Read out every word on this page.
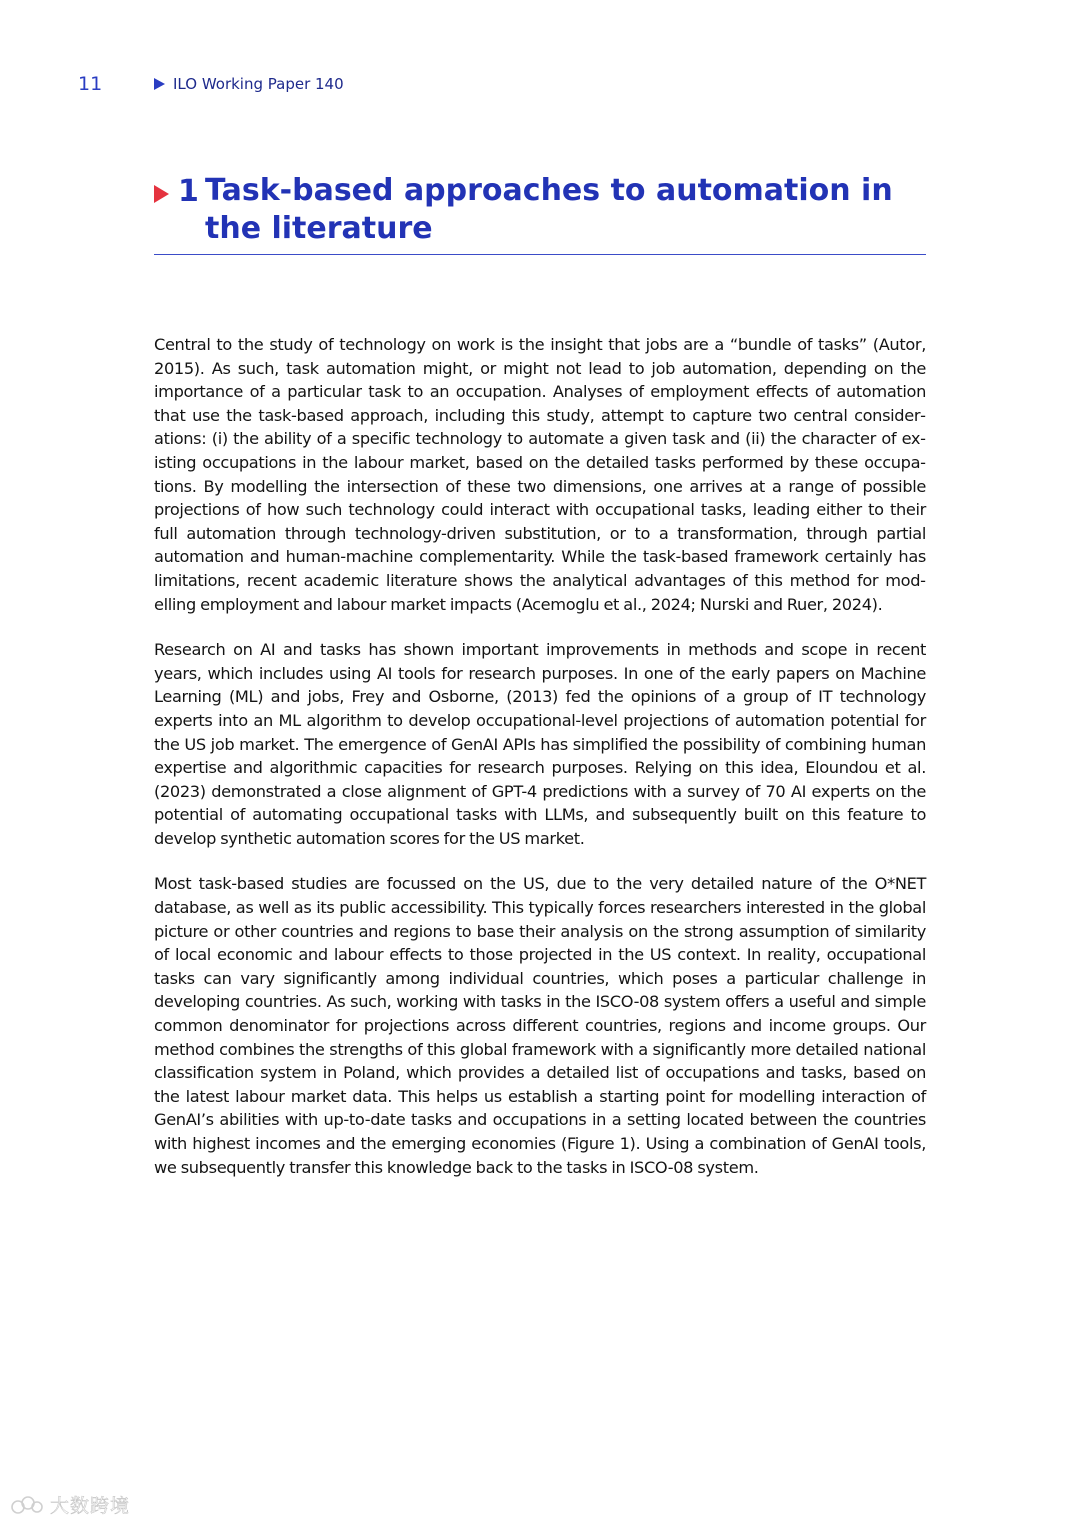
11	ILO Working Paper 140
1 Task-based approaches to automation in the literature

Central to the study of technology on work is the insight that jobs are a “bundle of tasks” (Autor, 2015). As such, task automation might, or might not lead to job automation, depending on the importance of a particular task to an occupation. Analyses of employment effects of automation that use the task-based approach, including this study, attempt to capture two central considerations: (i) the ability of a specific technology to automate a given task and (ii) the character of existing occupations in the labour market, based on the detailed tasks performed by these occupations. By modelling the intersection of these two dimensions, one arrives at a range of possible projections of how such technology could interact with occupational tasks, leading either to their full automation through technology-driven substitution, or to a transformation, through partial automation and human-machine complementarity. While the task-based framework certainly has limitations, recent academic literature shows the analytical advantages of this method for modelling employment and labour market impacts (Acemoglu et al., 2024; Nurski and Ruer, 2024).

Research on AI and tasks has shown important improvements in methods and scope in recent years, which includes using AI tools for research purposes. In one of the early papers on Machine Learning (ML) and jobs, Frey and Osborne, (2013) fed the opinions of a group of IT technology experts into an ML algorithm to develop occupational-level projections of automation potential for the US job market. The emergence of GenAI APIs has simplified the possibility of combining human expertise and algorithmic capacities for research purposes. Relying on this idea, Eloundou et al. (2023) demonstrated a close alignment of GPT-4 predictions with a survey of 70 AI experts on the potential of automating occupational tasks with LLMs, and subsequently built on this feature to develop synthetic automation scores for the US market.

Most task-based studies are focussed on the US, due to the very detailed nature of the O*NET database, as well as its public accessibility. This typically forces researchers interested in the global picture or other countries and regions to base their analysis on the strong assumption of similarity of local economic and labour effects to those projected in the US context. In reality, occupational tasks can vary significantly among individual countries, which poses a particular challenge in developing countries. As such, working with tasks in the ISCO-08 system offers a useful and simple common denominator for projections across different countries, regions and income groups. Our method combines the strengths of this global framework with a significantly more detailed national classification system in Poland, which provides a detailed list of occupations and tasks, based on the latest labour market data. This helps us establish a starting point for modelling interaction of GenAI’s abilities with up-to-date tasks and occupations in a setting located between the countries with highest incomes and the emerging economies (Figure 1). Using a combination of GenAI tools, we subsequently transfer this knowledge back to the tasks in ISCO-08 system.

大数跨境
